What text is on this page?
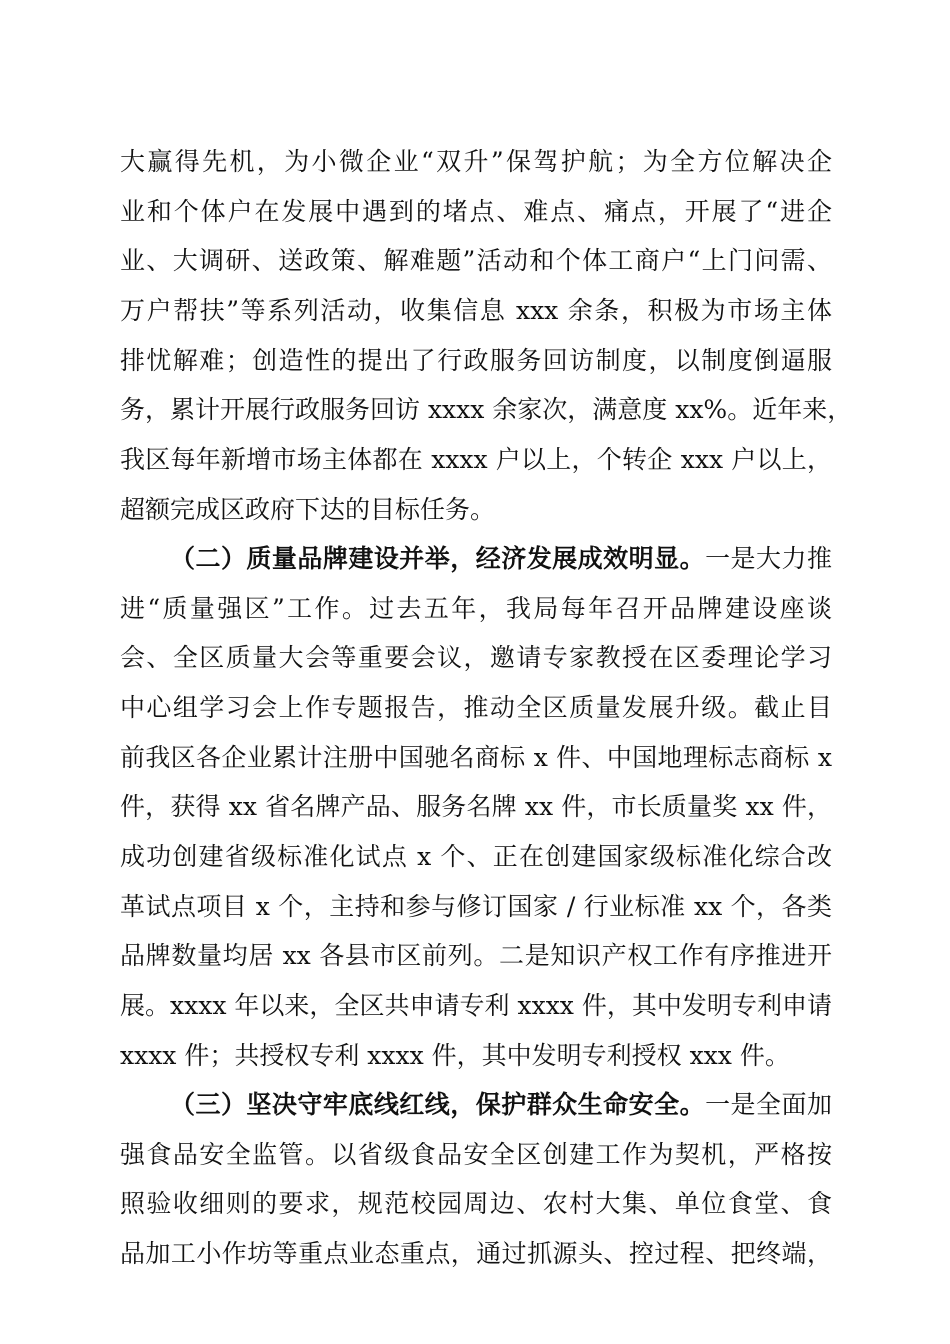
大赢得先机，为小微企业“双升”保驾护航；为全方位解决企
业和个体户在发展中遇到的堵点、难点、痛点，开展了“进企
业、大调研、送政策、解难题”活动和个体工商户“上门问需、
万户帮扶”等系列活动，收集信息 xxx 余条，积极为市场主体
排忧解难；创造性的提出了行政服务回访制度，以制度倒逼服
务，累计开展行政服务回访 xxxx 余家次，满意度 xx%。近年来，
我区每年新增市场主体都在 xxxx 户以上，个转企 xxx 户以上，
超额完成区政府下达的目标任务。
（二）质量品牌建设并举，经济发展成效明显。一是大力推
进“质量强区”工作。过去五年，我局每年召开品牌建设座谈
会、全区质量大会等重要会议，邀请专家教授在区委理论学习
中心组学习会上作专题报告，推动全区质量发展升级。截止目
前我区各企业累计注册中国驰名商标 x 件、中国地理标志商标 x
件，获得 xx 省名牌产品、服务名牌 xx 件，市长质量奖 xx 件，
成功创建省级标准化试点 x 个、正在创建国家级标准化综合改
革试点项目 x 个，主持和参与修订国家 / 行业标准 xx 个，各类
品牌数量均居 xx 各县市区前列。二是知识产权工作有序推进开
展。xxxx 年以来，全区共申请专利 xxxx 件，其中发明专利申请
xxxx 件；共授权专利 xxxx 件，其中发明专利授权 xxx 件。
（三）坚决守牢底线红线，保护群众生命安全。一是全面加
强食品安全监管。以省级食品安全区创建工作为契机，严格按
照验收细则的要求，规范校园周边、农村大集、单位食堂、食
品加工小作坊等重点业态重点，通过抓源头、控过程、把终端，
